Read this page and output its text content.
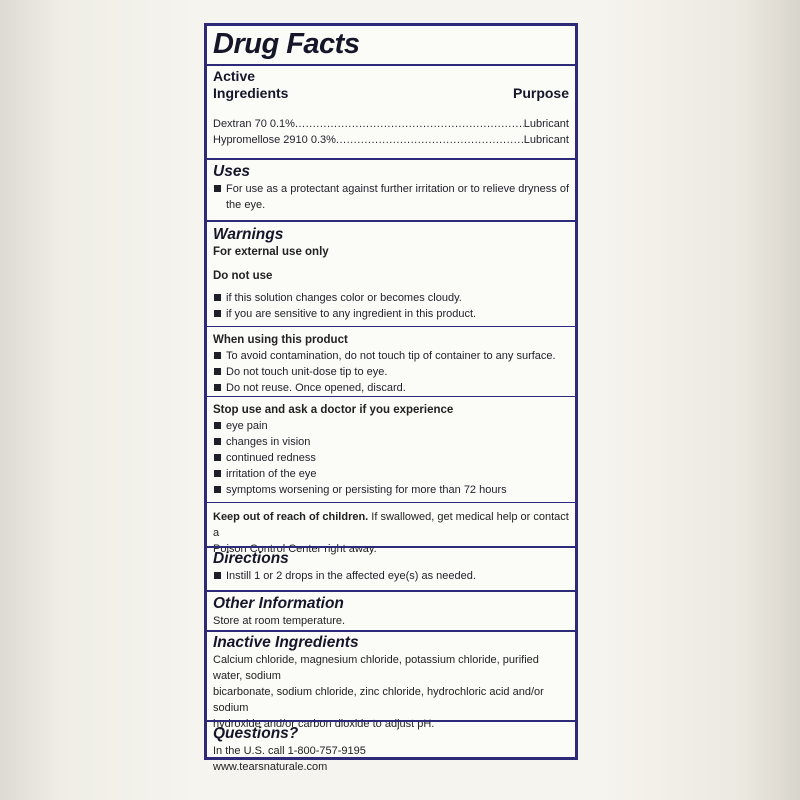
Drug Facts
Active
Ingredients	Purpose
Dextran 70 0.1% .....	Lubricant
Hypromellose 2910 0.3% .....	Lubricant
Uses
For use as a protectant against further irritation or to relieve dryness of
the eye.
Warnings
For external use only
Do not use
if this solution changes color or becomes cloudy.
if you are sensitive to any ingredient in this product.
When using this product
To avoid contamination, do not touch tip of container to any surface.
Do not touch unit-dose tip to eye.
Do not reuse. Once opened, discard.
Stop use and ask a doctor if you experience
eye pain
changes in vision
continued redness
irritation of the eye
symptoms worsening or persisting for more than 72 hours
Keep out of reach of children. If swallowed, get medical help or contact a
Poison Control Center right away.
Directions
Instill 1 or 2 drops in the affected eye(s) as needed.
Other Information
Store at room temperature.
Inactive Ingredients
Calcium chloride, magnesium chloride, potassium chloride, purified water, sodium
bicarbonate, sodium chloride, zinc chloride, hydrochloric acid and/or sodium
hydroxide and/or carbon dioxide to adjust pH.
Questions?
In the U.S. call 1-800-757-9195
www.tearsnaturale.com
